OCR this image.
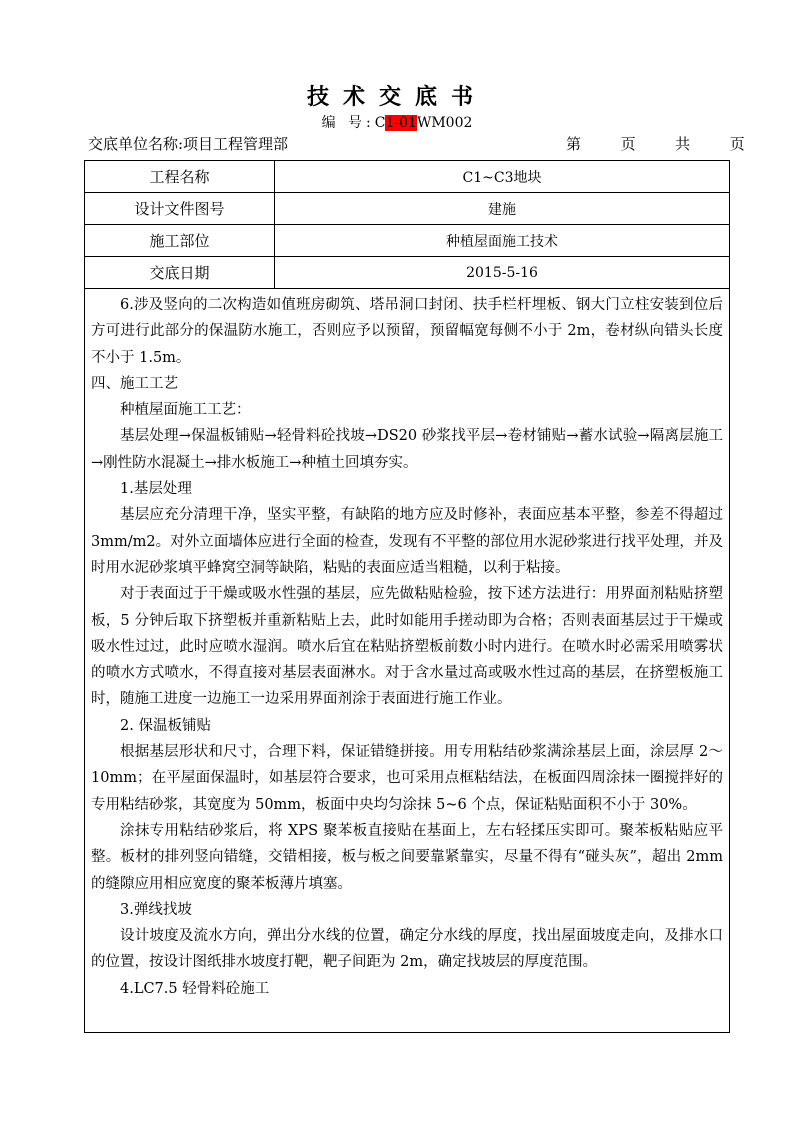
技术交底书
编 号:C1-01WM002
交底单位名称:项目工程管理部	第	页	共	页
工程名称	C1~C3地块
设计文件图号	建施
施工部位	种植屋面施工技术
交底日期	2015-5-16

6.涉及竖向的二次构造如值班房砌筑、塔吊洞口封闭、扶手栏杆埋板、钢大门立柱安装到位后方可进行此部分的保温防水施工，否则应予以预留，预留幅宽每侧不小于 2m，卷材纵向错头长度不小于 1.5m。

四、施工工艺

种植屋面施工工艺：

基层处理→保温板铺贴→轻骨料砼找坡→DS20 砂浆找平层→卷材铺贴→蓄水试验→隔离层施工→刚性防水混凝土→排水板施工→种植土回填夯实。

1.基层处理

基层应充分清理干净，坚实平整，有缺陷的地方应及时修补，表面应基本平整，参差不得超过 3mm/m2。对外立面墙体应进行全面的检查，发现有不平整的部位用水泥砂浆进行找平处理，并及时用水泥砂浆填平蜂窝空洞等缺陷，粘贴的表面应适当粗糙，以利于粘接。

对于表面过于干燥或吸水性强的基层，应先做粘贴检验，按下述方法进行：用界面剂粘贴挤塑板，5 分钟后取下挤塑板并重新粘贴上去，此时如能用手搓动即为合格；否则表面基层过于干燥或吸水性过过，此时应喷水湿润。喷水后宜在粘贴挤塑板前数小时内进行。在喷水时必需采用喷雾状的喷水方式喷水，不得直接对基层表面淋水。对于含水量过高或吸水性过高的基层，在挤塑板施工时，随施工进度一边施工一边采用界面剂涂于表面进行施工作业。

2. 保温板铺贴

根据基层形状和尺寸，合理下料，保证错缝拼接。用专用粘结砂浆满涂基层上面，涂层厚 2～10mm；在平屋面保温时，如基层符合要求，也可采用点框粘结法，在板面四周涂抹一圈搅拌好的专用粘结砂浆，其宽度为 50mm，板面中央均匀涂抹 5~6 个点，保证粘贴面积不小于 30%。

涂抹专用粘结砂浆后，将 XPS 聚苯板直接贴在基面上，左右轻揉压实即可。聚苯板粘贴应平整。板材的排列竖向错缝，交错相接，板与板之间要靠紧靠实，尽量不得有“碰头灰”，超出 2mm 的缝隙应用相应宽度的聚苯板薄片填塞。

3.弹线找坡

设计坡度及流水方向，弹出分水线的位置，确定分水线的厚度，找出屋面坡度走向，及排水口的位置，按设计图纸排水坡度打靶，靶子间距为 2m，确定找坡层的厚度范围。

4.LC7.5 轻骨料砼施工
